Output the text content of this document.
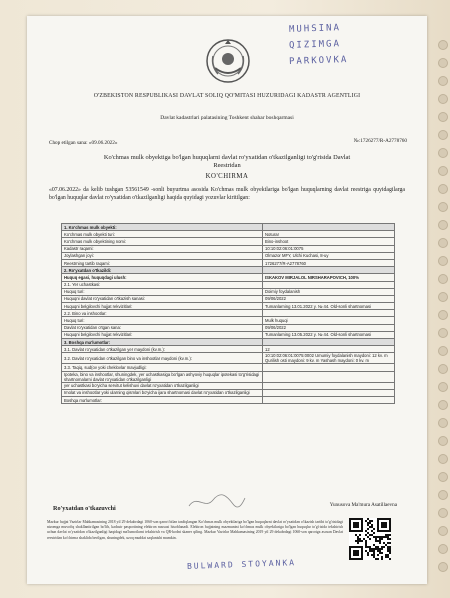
MUHSINA
QIZIMGA
PARKOVKA
O'ZBEKISTON RESPUBLIKASI DAVLAT SOLIQ QO'MITASI HUZURIDAGI KADASTR AGENTLIGI
Davlat kadastrlari palatasining Toshkent shahar boshqarmasi
Chop etilgan sana: «09.06.2022»	№:1726277/R-A2778760
Ko'chmas mulk obyektiga bo'lgan huquqlarni davlat ro'yxatidan o'tkazilganligi to'g'risida Davlat
Reestridan
KO'CHIRMA
«07.06.2022» da kelib tushgan 53561549 -sonli buyurtma asosida Ko'chmas mulk obyektlariga bo'lgan huquqlarning davlat reestriga quyidagilarga bo'lgan huquqlar davlat ro'yxatidan o'tkazilganligi haqida quyidagi yozuvlar kiritilgan:
1. Ko'chmas mulk obyekti:	
Ko'chmas mulk obyekti turi:	Noturar
Ko'chmas mulk obyektining nomi:	Bino-inshoot
Kadastr raqami:	10:10:02:06:01:0075
Joylashgan joyi:	Olmazor MFY, Ulchi Kuchasi, 8-uy
Reestrning tartib raqami:	1726277/R-A2778760
2. Ro'yxatdan o'tkazildi:	
Huquq egasi, huquqdagi ulush:	ISKAKOV MIRJALOL NIRSHARAPOVICH, 100%
2.1. Yer uchastkasi:	
Huquq turi:	Doimiy foydalanish
Huquqni davlat ro'yxatidan o'tkazish sanasi:	09/06/2022
Huquqni belgilovchi hujjat rekvizitlari:	Tumanlarning 13.01.2022 y. № 44. Old-sonli shartnomasi
2.2. Bino va inshootlar:	
Huquq turi:	Mulk huquqi
Davlat ro'yxatidan o'tgan sana:	09/06/2022
Huquqni belgilovchi hujjat rekvizitlari:	Tumanlarning 13.05.2022 y. № 44. Old-sonli shartnomasi
3. Boshqa ma'lumotlar:	
3.1. Davlat ro'yxatidan o'tkazilgan yer maydoni (kv.m.):	12
3.2. Davlat ro'yxatidan o'tkazilgan bino va inshootlar maydoni (kv.m.):	10:10:02:06:01:0075:0002 Umumiy foydalanish maydoni: 12 kv. m Qurilish osti maydoni: 9 kv. m Yashash maydoni: 0 kv. m
3.3. Taqiq, sud(ov yoki cheklovlar mavjudligi:	
Ipoteka, bino va inshootlar, shuningdek, yer uchastkasiga bo'lgan ashyoviy huquqlar ipotekasi to'g'risidagi shartnomalarni davlat ro'yxatidan o'tkazilganligi	
yer uchastkasi bo'yicha servitut kelishuvi davlat ro'yxatidan o'tkazilganligi	
Imolat va inshootlar yoki ularning qismlari bo'yicha ijara shartnomasi davlat ro'yxatidan o'tkazilganligi	
Boshqa ma'lumotlar:	
Ro'yxatdan o'tkazuvchi	Yunusova Ma'mura Asatillaevna
Mazkur hujjat Vazirlar Mahkamasining 2018 yil 29 dekabrdagi 1060-son qarori bilan tasdiqlangan Ko'chmas mulk obyektlariga bo'lgan huquqlarni davlat ro'yxatidan o'tkazish tartibi to'g'risidagi nizomga muvofiq shakllantirilgan bo'lib, kadastr pasportining elektron nusxasi hisoblanadi. Elektron hujjatning mazmunini ko'chmas mulk obyektlariga bo'lgan huquqlar to'g'risida tekshirish uchun davlat ro'yxatidan o'tkazilganligi haqidagi ma'lumotlarni tekshirish va QR-kodni skaner qiling. Mazkur Vazirlar Mahkamasining 2019 yil 29 dekabrdagi 1060-son qaroriga asosan Davlat reestridan ko'chirma shaklida berilgan, shuningdek, uzoq muddat saqlanishi mumkin.
BULWARD STOYANKA
